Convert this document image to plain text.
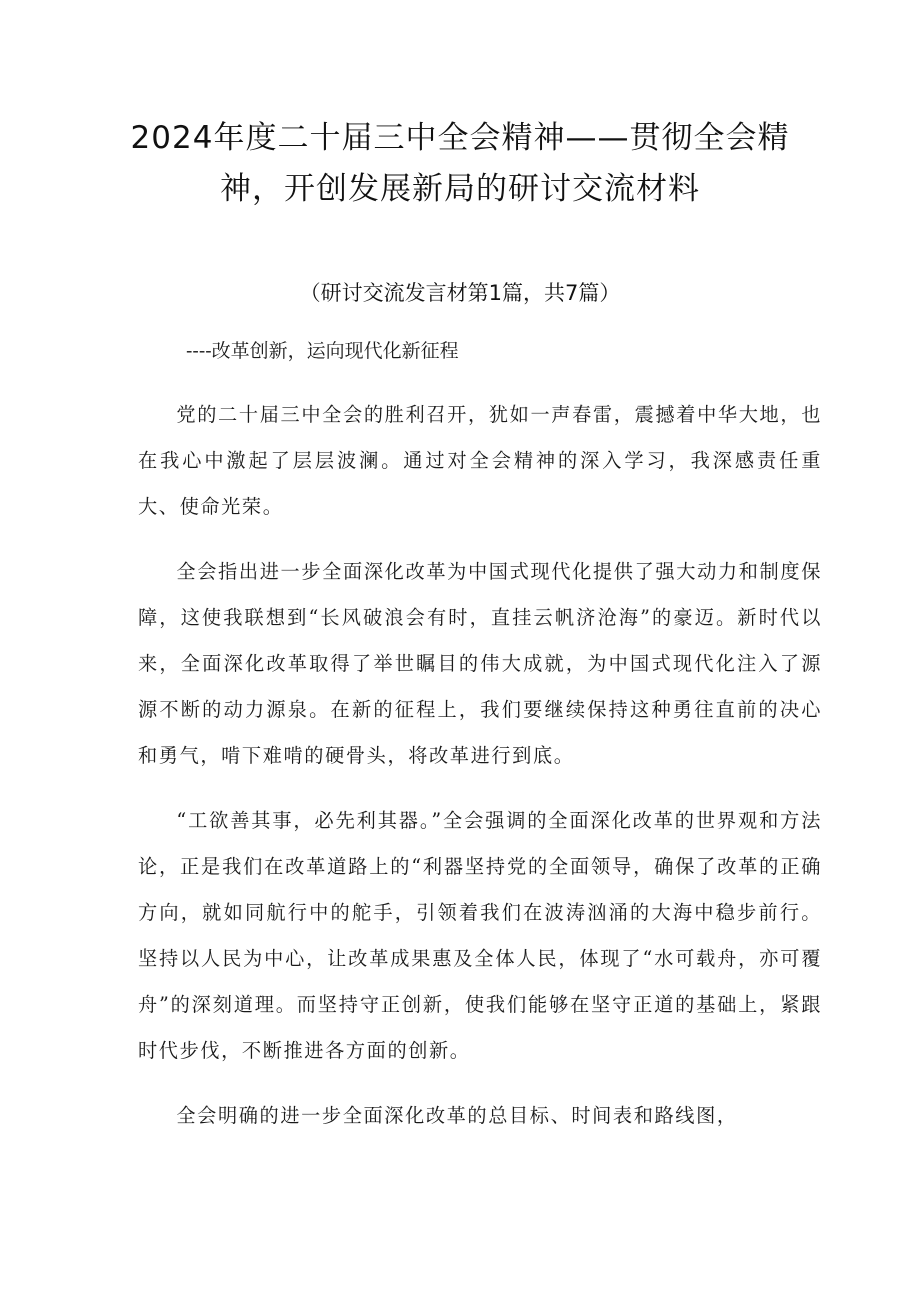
2024年度二十届三中全会精神——贯彻全会精神，开创发展新局的研讨交流材料
（研讨交流发言材第1篇，共7篇）
----改革创新，运向现代化新征程

党的二十届三中全会的胜利召开，犹如一声春雷，震撼着中华大地，也在我心中激起了层层波澜。通过对全会精神的深入学习，我深感责任重大、使命光荣。

全会指出进一步全面深化改革为中国式现代化提供了强大动力和制度保障，这使我联想到“长风破浪会有时，直挂云帆济沧海”的豪迈。新时代以来，全面深化改革取得了举世瞩目的伟大成就，为中国式现代化注入了源源不断的动力源泉。在新的征程上，我们要继续保持这种勇往直前的决心和勇气，啃下难啃的硬骨头，将改革进行到底。

“工欲善其事，必先利其器。”全会强调的全面深化改革的世界观和方法论，正是我们在改革道路上的“利器坚持党的全面领导，确保了改革的正确方向，就如同航行中的舵手，引领着我们在波涛汹涌的大海中稳步前行。坚持以人民为中心，让改革成果惠及全体人民，体现了“水可载舟，亦可覆舟”的深刻道理。而坚持守正创新，使我们能够在坚守正道的基础上，紧跟时代步伐，不断推进各方面的创新。

全会明确的进一步全面深化改革的总目标、时间表和路线图，
